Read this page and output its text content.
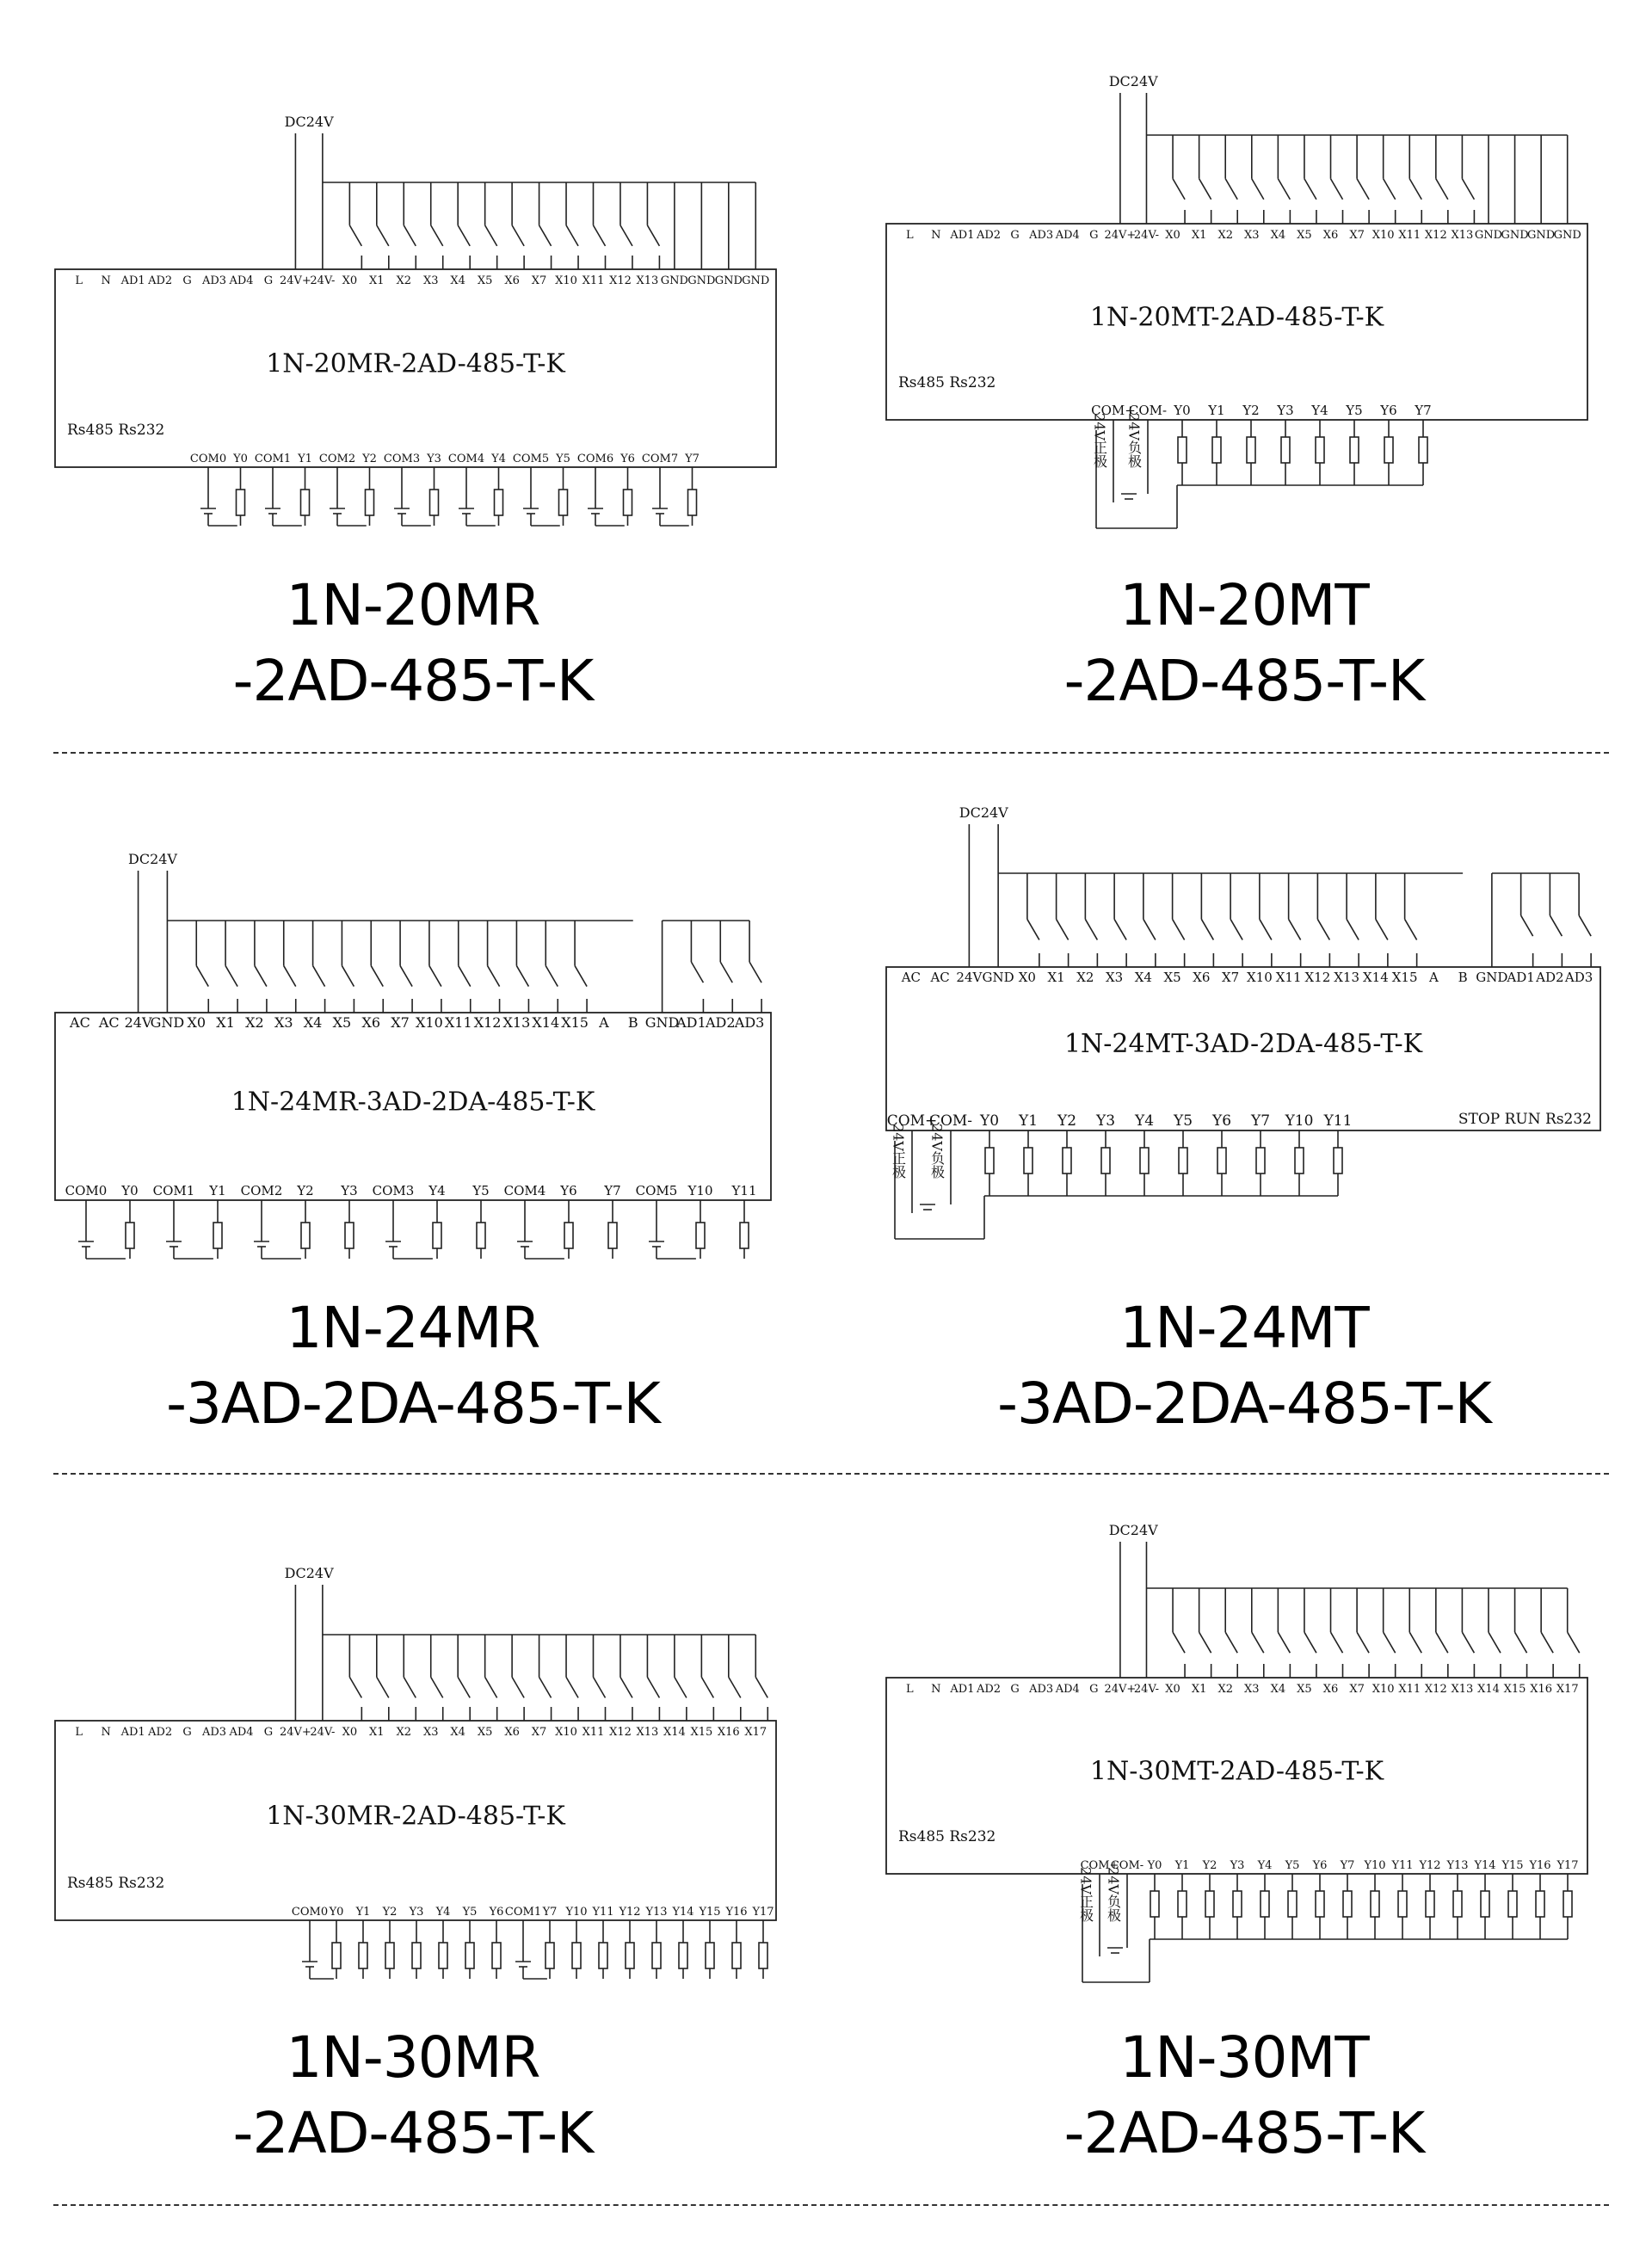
L N AD1 AD2 G AD3 AD4 G 24V+
24V- X0 X1 X2 X3 X4 X5 X6 X7 X10 X11 X12 X13 GND GND GND GND
1N-20MR-2AD-485-T-K
Rs485 Rs232
DC24V
COM0 Y0 COM1 Y1 COM2 Y2 COM3 Y3 COM4 Y4 COM5 Y5 COM6 Y6 COM7 Y7
L N AD1 AD2 G AD3 AD4 G 24V+
24V- X0 X1 X2 X3 X4 X5 X6 X7 X10 X11 X12 X13 GND
GND
GND
GND
1N-20MT-2AD-485-T-K
Rs485 Rs232
DC24V
COM+
COM- Y0 Y1 Y2 Y3 Y4 Y5 Y6 Y7
24V正极 24V负极
AC AC 24V
GND X0 X1 X2 X3 X4 X5 X6 X7 X10 X11 X12 X13 X14 X15 A B GND
AD1 AD2 AD3
1N-24MR-3AD-2DA-485-T-K
DC24V
COM0 Y0 COM1 Y1 COM2 Y2 Y3 COM3 Y4 Y5 COM4 Y6 Y7 COM5 Y10 Y11
AC AC 24V GND X0 X1 X2 X3 X4 X5 X6 X7 X10 X11 X12 X13 X14 X15 A B GND
AD1 AD2 AD3
1N-24MT-3AD-2DA-485-T-K
STOP RUN Rs232
DC24V
COM+
COM- Y0 Y1 Y2 Y3 Y4 Y5 Y6 Y7 Y10 Y11
24V正极 24V负极
L N AD1 AD2 G AD3 AD4 G 24V+
24V- X0 X1 X2 X3 X4 X5 X6 X7 X10 X11 X12 X13 X14 X15 X16 X17
1N-30MR-2AD-485-T-K
Rs485 Rs232
DC24V
COM0 Y0 Y1 Y2 Y3 Y4 Y5 Y6 COM1 Y7 Y10 Y11 Y12 Y13 Y14 Y15 Y16 Y17
L N AD1 AD2 G AD3 AD4 G 24V+
24V- X0 X1 X2 X3 X4 X5 X6 X7 X10 X11 X12 X13 X14 X15 X16 X17
1N-30MT-2AD-485-T-K
Rs485 Rs232
DC24V
COM+
COM- Y0 Y1 Y2 Y3 Y4 Y5 Y6 Y7 Y10 Y11 Y12 Y13 Y14 Y15 Y16 Y17
24V正极 24V负极
1N-20MR
-2AD-485-T-K
1N-20MT
-2AD-485-T-K
1N-24MR
-3AD-2DA-485-T-K
1N-24MT
-3AD-2DA-485-T-K
1N-30MR
-2AD-485-T-K
1N-30MT
-2AD-485-T-K
